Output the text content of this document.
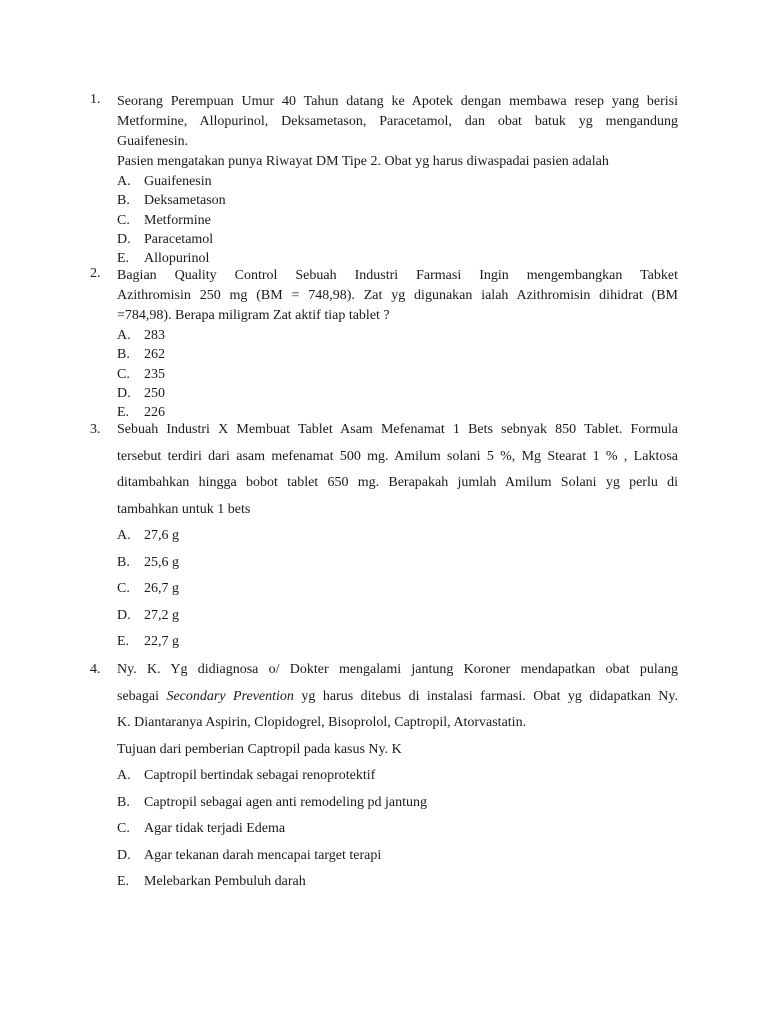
1.	Seorang Perempuan Umur 40 Tahun datang ke Apotek dengan membawa resep yang berisi
Metformine, Allopurinol, Deksametason, Paracetamol, dan obat batuk yg mengandung
Guaifenesin.
Pasien mengatakan punya Riwayat DM Tipe 2. Obat yg harus diwaspadai pasien adalah
A. Guaifenesin
B. Deksametason
C. Metformine
D. Paracetamol
E. Allopurinol
2.	Bagian Quality Control Sebuah Industri Farmasi Ingin mengembangkan Tabket
Azithromisin 250 mg (BM = 748,98). Zat yg digunakan ialah Azithromisin dihidrat (BM
=784,98). Berapa miligram Zat aktif tiap tablet ?
A. 283
B. 262
C. 235
D. 250
E. 226
3.	Sebuah Industri X Membuat Tablet Asam Mefenamat 1 Bets sebnyak 850 Tablet. Formula
tersebut terdiri dari asam mefenamat 500 mg. Amilum solani 5 %, Mg Stearat 1 % , Laktosa
ditambahkan hingga bobot tablet 650 mg. Berapakah jumlah Amilum Solani yg perlu di
tambahkan untuk 1 bets
A. 27,6 g
B. 25,6 g
C. 26,7 g
D. 27,2 g
E. 22,7 g
4.	Ny. K. Yg didiagnosa o/ Dokter mengalami jantung Koroner mendapatkan obat pulang
sebagai Secondary Prevention yg harus ditebus di instalasi farmasi. Obat yg didapatkan Ny.
K. Diantaranya Aspirin, Clopidogrel, Bisoprolol, Captropil, Atorvastatin.
Tujuan dari pemberian Captropil pada kasus Ny. K
A. Captropil bertindak sebagai renoprotektif
B. Captropil sebagai agen anti remodeling pd jantung
C. Agar tidak terjadi Edema
D. Agar tekanan darah mencapai target terapi
E. Melebarkan Pembuluh darah
